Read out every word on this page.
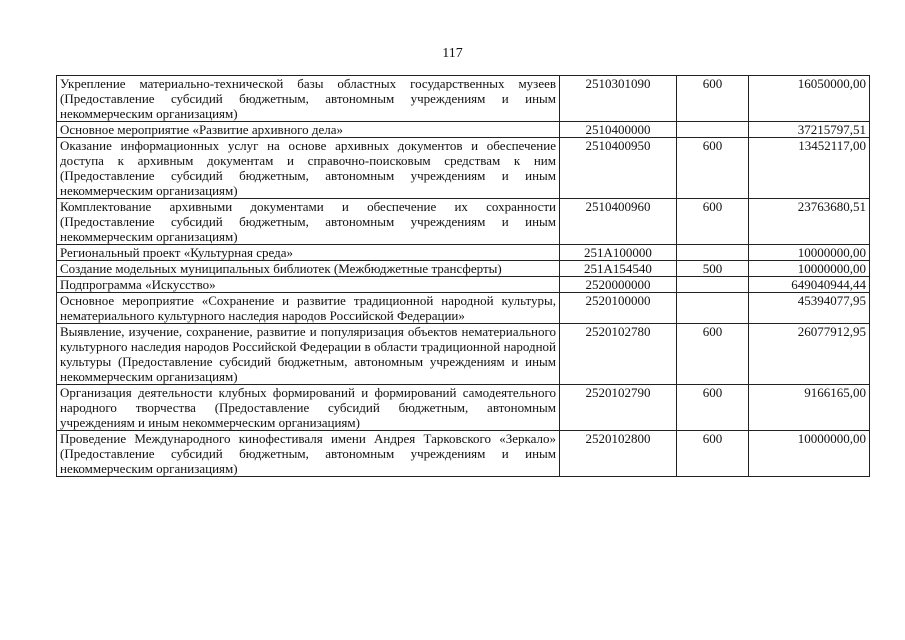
117
Укрепление материально-технической базы областных государственных музеев (Предоставление субсидий бюджетным, автономным учреждениям и иным некоммерческим организациям)	2510301090	600	16050000,00
Основное мероприятие «Развитие архивного дела»	2510400000		37215797,51
Оказание информационных услуг на основе архивных документов и обеспечение доступа к архивным документам и справочно-поисковым средствам к ним (Предоставление субсидий бюджетным, автономным учреждениям и иным некоммерческим организациям)	2510400950	600	13452117,00
Комплектование архивными документами и обеспечение их сохранности (Предоставление субсидий бюджетным, автономным учреждениям и иным некоммерческим организациям)	2510400960	600	23763680,51
Региональный проект «Культурная среда»	251A100000		10000000,00
Создание модельных муниципальных библиотек (Межбюджетные трансферты)	251A154540	500	10000000,00
Подпрограмма «Искусство»	2520000000		649040944,44
Основное мероприятие «Сохранение и развитие традиционной народной культуры, нематериального культурного наследия народов Российской Федерации»	2520100000		45394077,95
Выявление, изучение, сохранение, развитие и популяризация объектов нематериального культурного наследия народов Российской Федерации в области традиционной народной культуры (Предоставление субсидий бюджетным, автономным учреждениям и иным некоммерческим организациям)	2520102780	600	26077912,95
Организация деятельности клубных формирований и формирований самодеятельного народного творчества (Предоставление субсидий бюджетным, автономным учреждениям и иным некоммерческим организациям)	2520102790	600	9166165,00
Проведение Международного кинофестиваля имени Андрея Тарковского «Зеркало» (Предоставление субсидий бюджетным, автономным учреждениям и иным некоммерческим организациям)	2520102800	600	10000000,00
